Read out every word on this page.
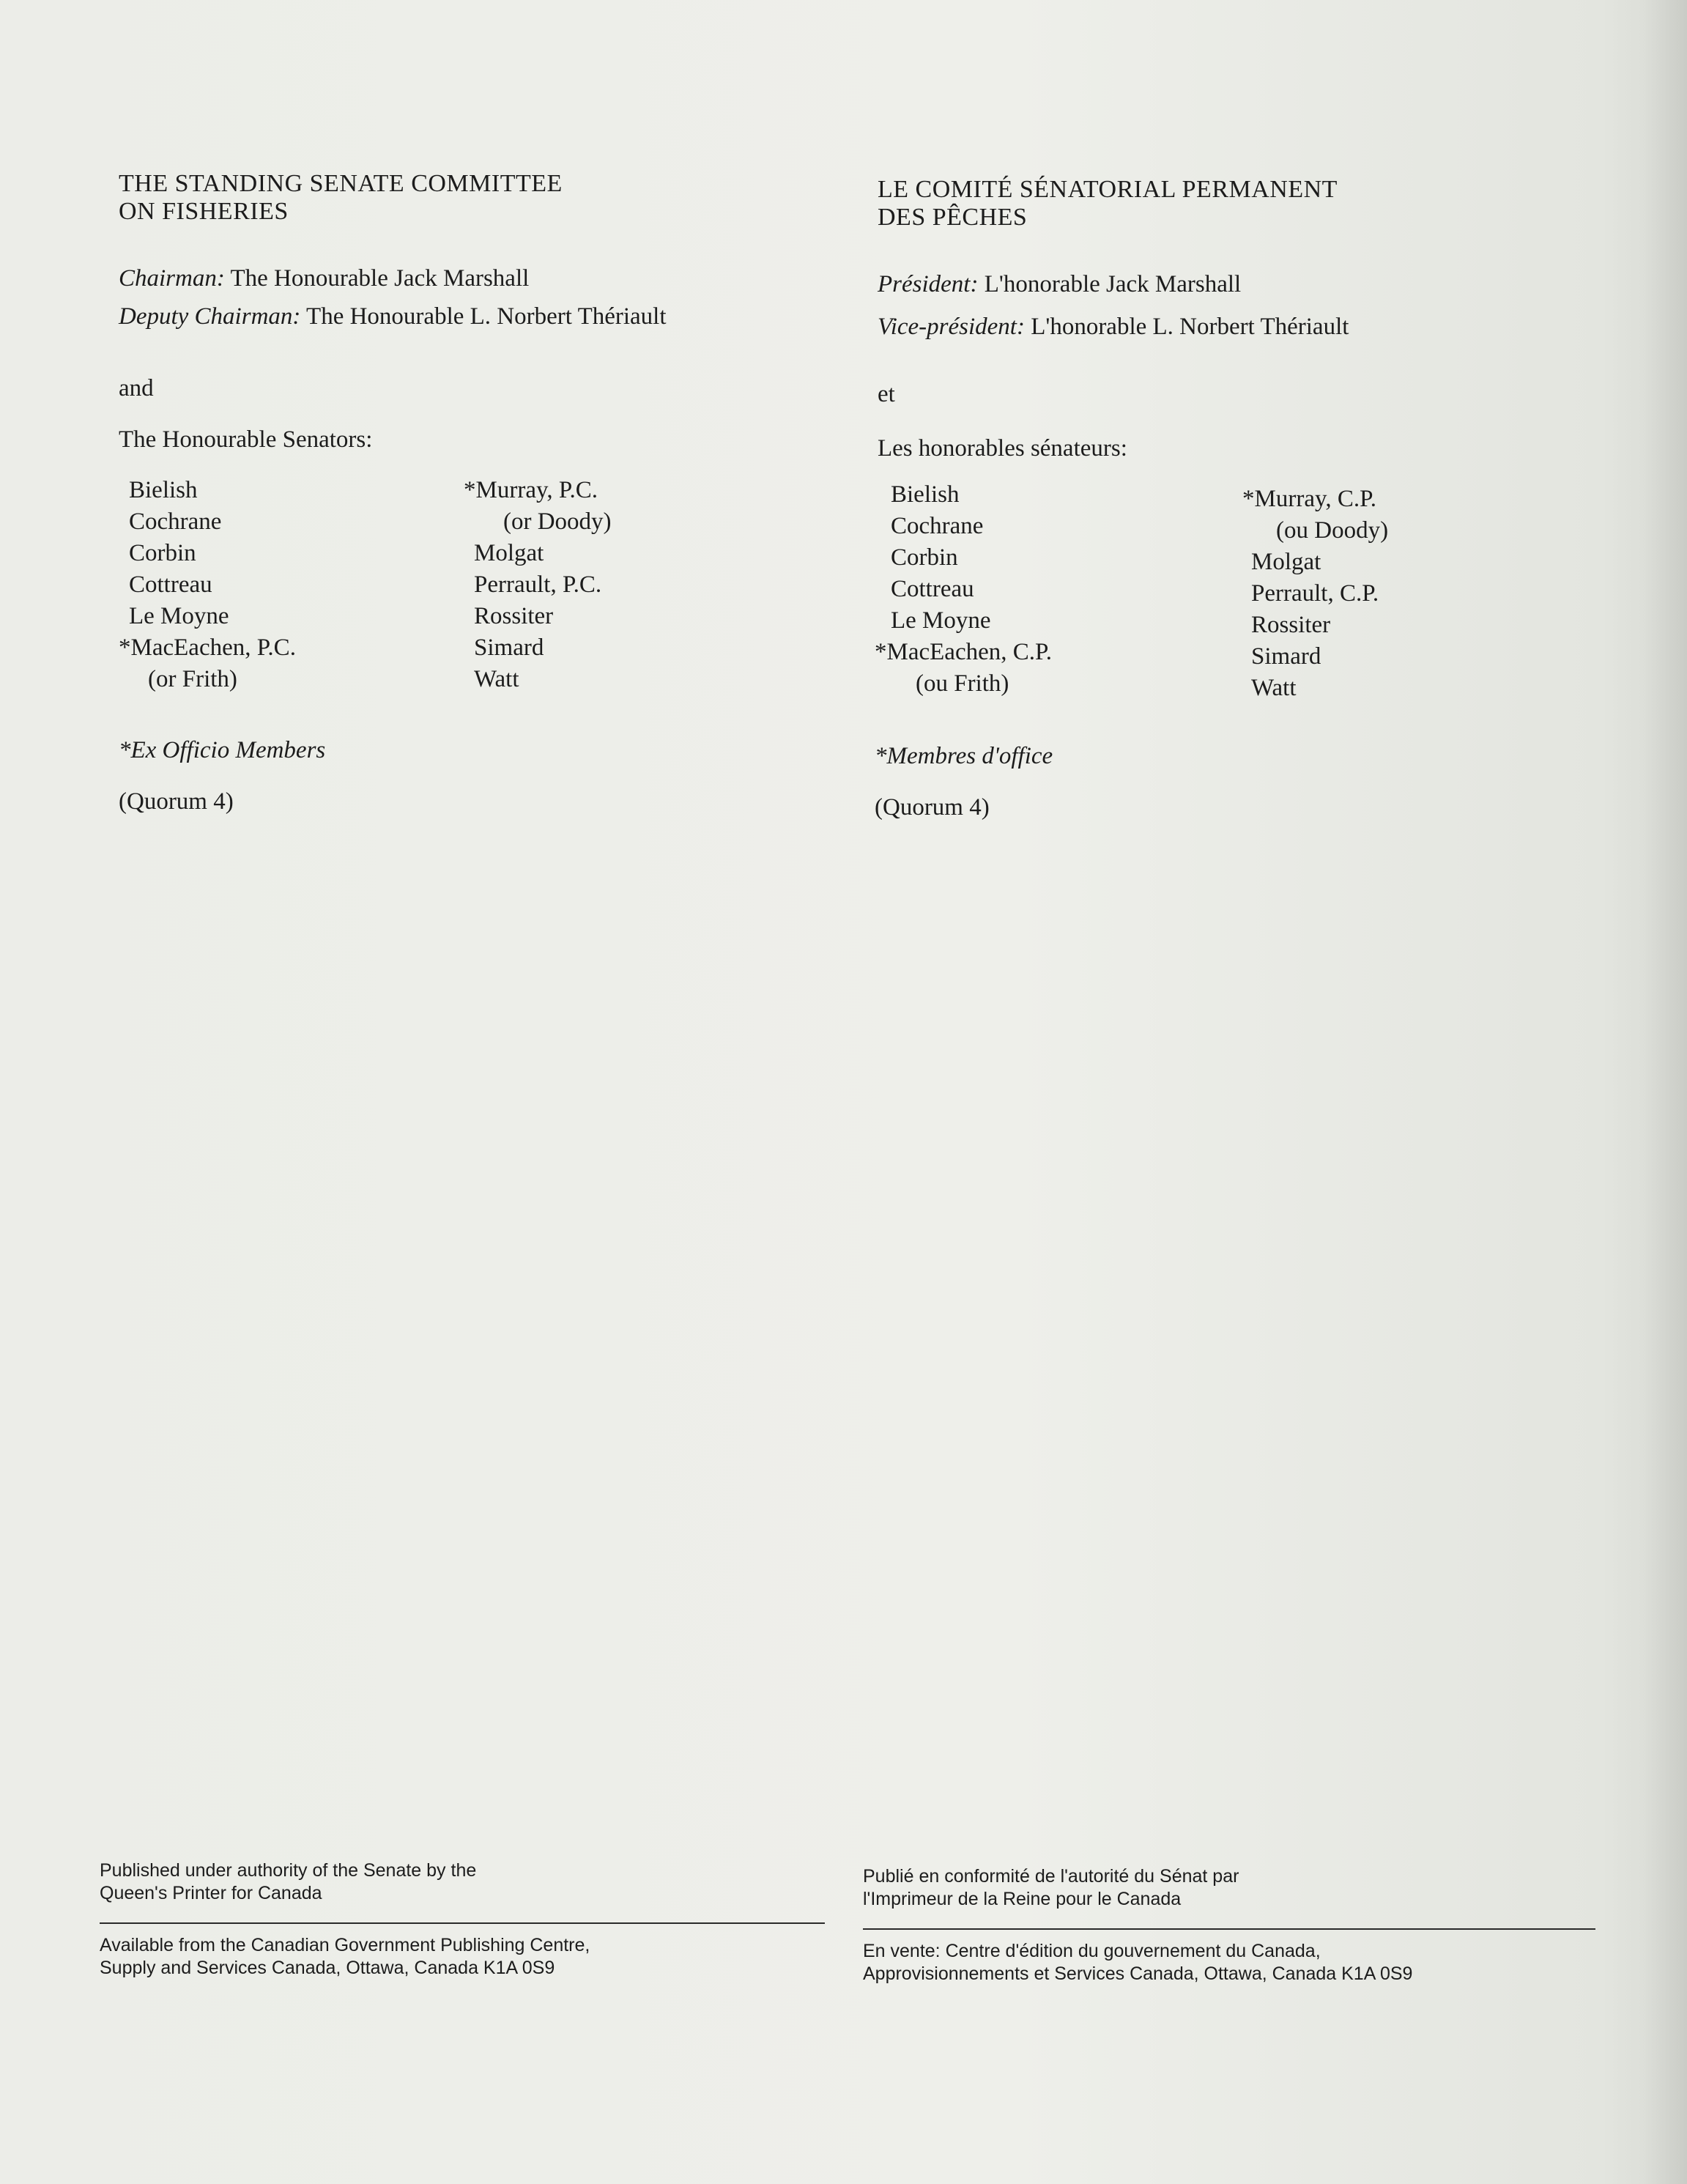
THE STANDING SENATE COMMITTEE
ON FISHERIES
Chairman: The Honourable Jack Marshall
Deputy Chairman: The Honourable L. Norbert Thériault
and
The Honourable Senators:
Bielish
Cochrane
Corbin
Cottreau
Le Moyne
*MacEachen, P.C.
(or Frith)
*Murray, P.C.
(or Doody)
Molgat
Perrault, P.C.
Rossiter
Simard
Watt
*Ex Officio Members
(Quorum 4)
Published under authority of the Senate by the
Queen's Printer for Canada
Available from the Canadian Government Publishing Centre,
Supply and Services Canada, Ottawa, Canada K1A 0S9
LE COMITÉ SÉNATORIAL PERMANENT
DES PÊCHES
Président: L'honorable Jack Marshall
Vice-président: L'honorable L. Norbert Thériault
et
Les honorables sénateurs:
Bielish
Cochrane
Corbin
Cottreau
Le Moyne
*MacEachen, C.P.
(ou Frith)
*Murray, C.P.
(ou Doody)
Molgat
Perrault, C.P.
Rossiter
Simard
Watt
*Membres d'office
(Quorum 4)
Publié en conformité de l'autorité du Sénat par
l'Imprimeur de la Reine pour le Canada
En vente: Centre d'édition du gouvernement du Canada,
Approvisionnements et Services Canada, Ottawa, Canada K1A 0S9
